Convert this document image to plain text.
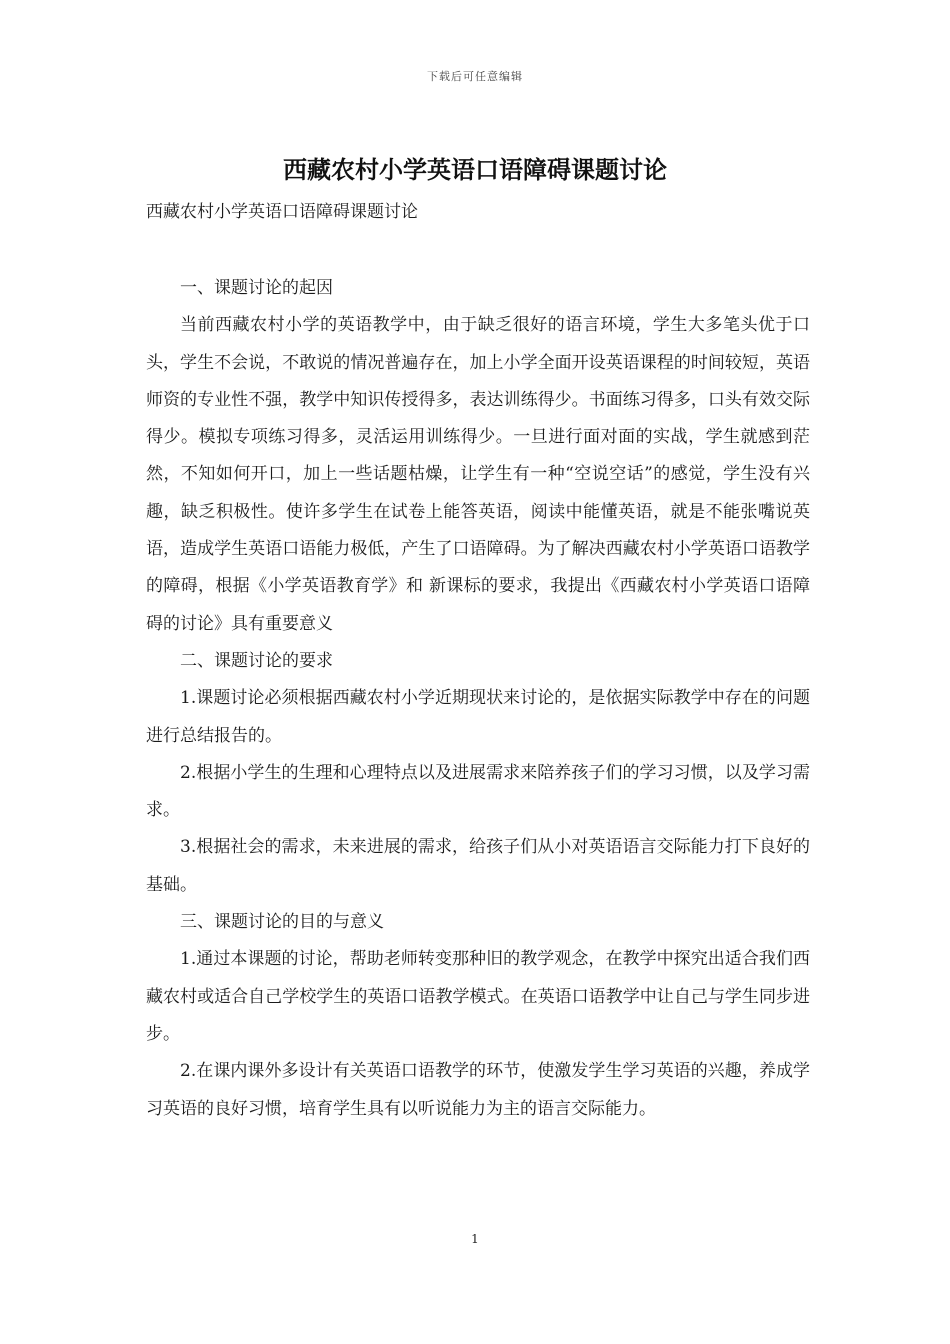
下载后可任意编辑
西藏农村小学英语口语障碍课题讨论
西藏农村小学英语口语障碍课题讨论

一、课题讨论的起因

当前西藏农村小学的英语教学中，由于缺乏很好的语言环境，学生大多笔头优于口头，学生不会说，不敢说的情况普遍存在，加上小学全面开设英语课程的时间较短，英语师资的专业性不强，教学中知识传授得多，表达训练得少。书面练习得多，口头有效交际得少。模拟专项练习得多，灵活运用训练得少。一旦进行面对面的实战，学生就感到茫然，不知如何开口，加上一些话题枯燥，让学生有一种“空说空话”的感觉，学生没有兴趣，缺乏积极性。使许多学生在试卷上能答英语，阅读中能懂英语，就是不能张嘴说英语，造成学生英语口语能力极低，产生了口语障碍。为了解决西藏农村小学英语口语教学的障碍，根据《小学英语教育学》和 新课标的要求，我提出《西藏农村小学英语口语障碍的讨论》具有重要意义

二、课题讨论的要求

1.课题讨论必须根据西藏农村小学近期现状来讨论的，是依据实际教学中存在的问题进行总结报告的。

2.根据小学生的生理和心理特点以及进展需求来陪养孩子们的学习习惯，以及学习需求。

3.根据社会的需求，未来进展的需求，给孩子们从小对英语语言交际能力打下良好的基础。

三、课题讨论的目的与意义

1.通过本课题的讨论，帮助老师转变那种旧的教学观念，在教学中探究出适合我们西藏农村或适合自己学校学生的英语口语教学模式。在英语口语教学中让自己与学生同步进步。

2.在课内课外多设计有关英语口语教学的环节，使激发学生学习英语的兴趣，养成学习英语的良好习惯，培育学生具有以听说能力为主的语言交际能力。

1
